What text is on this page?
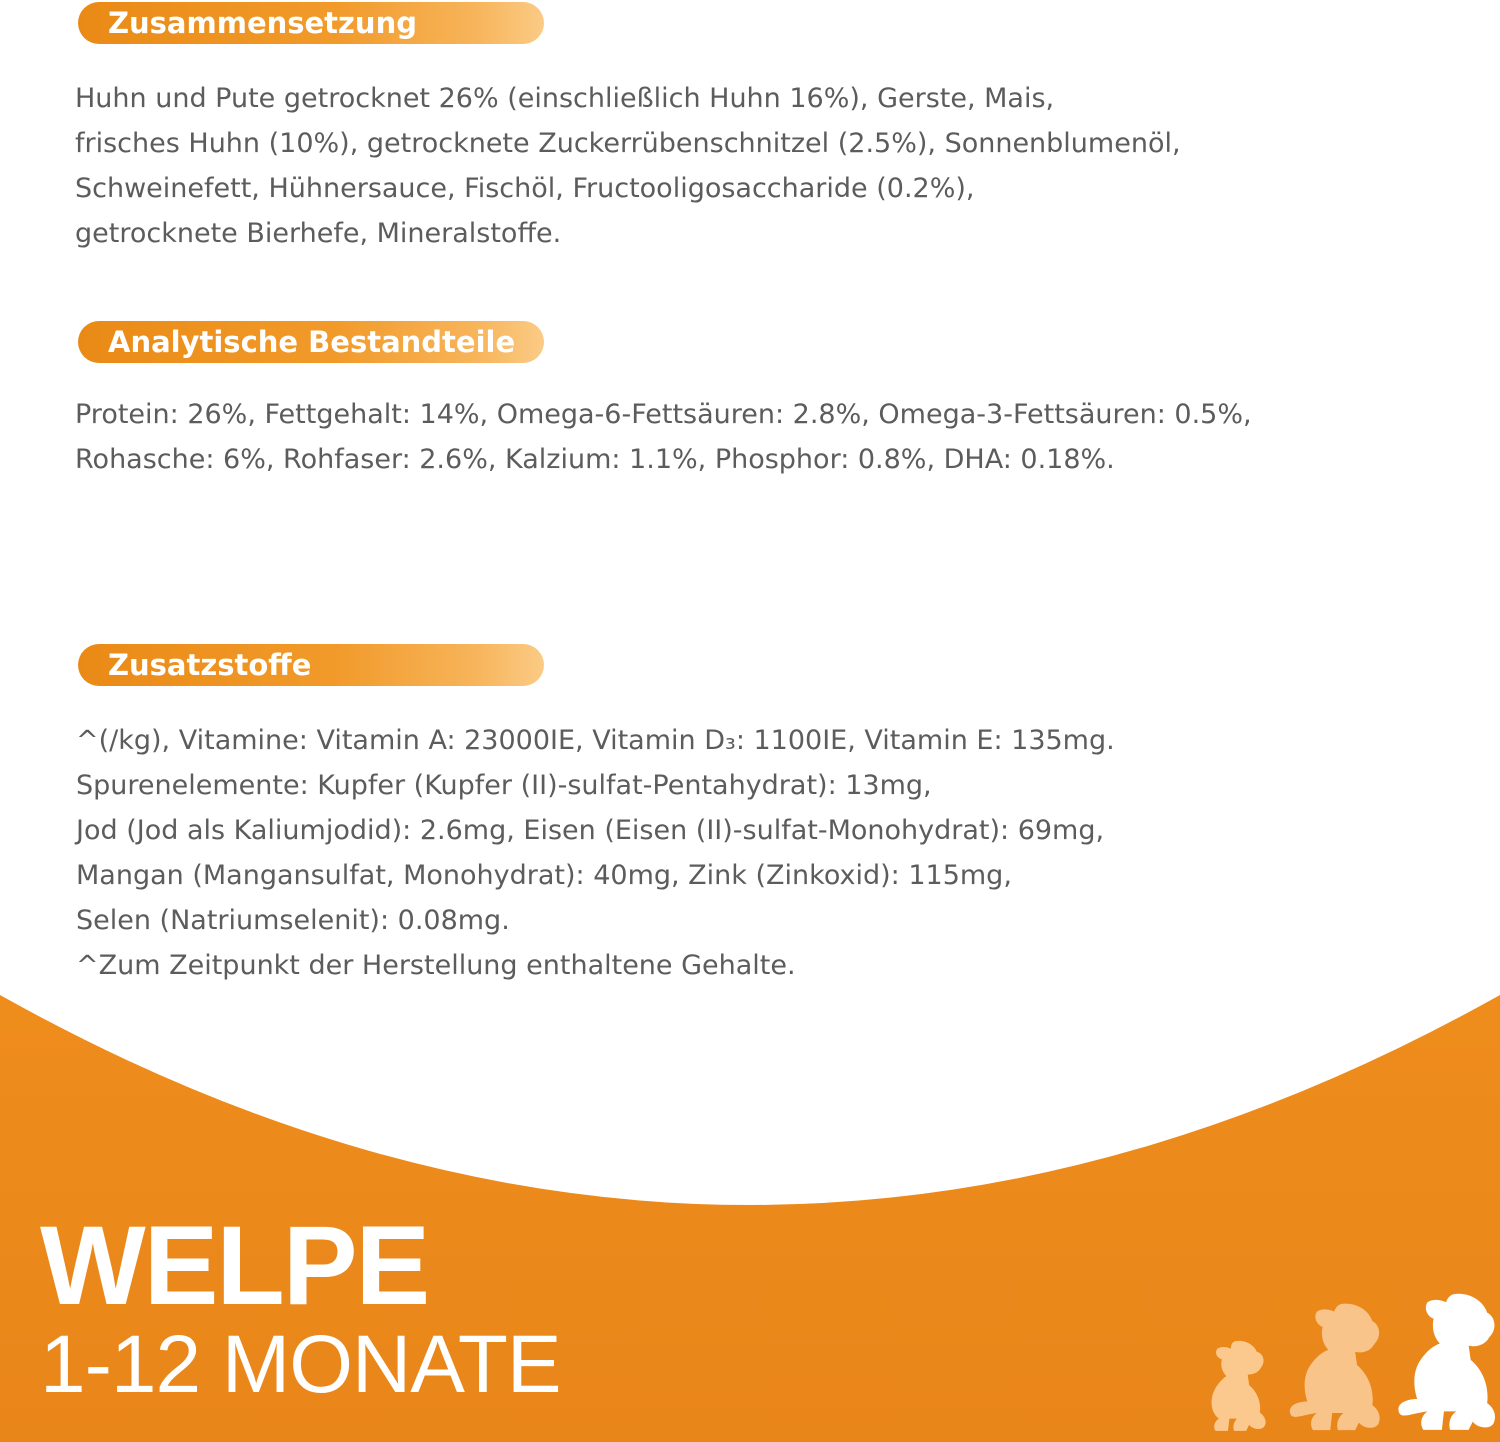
Zusammensetzung

Huhn und Pute getrocknet 26% (einschließlich Huhn 16%), Gerste, Mais,
frisches Huhn (10%), getrocknete Zuckerrübenschnitzel (2.5%), Sonnenblumenöl,
Schweinefett, Hühnersauce, Fischöl, Fructooligosaccharide (0.2%),
getrocknete Bierhefe, Mineralstoffe.

Analytische Bestandteile

Protein: 26%, Fettgehalt: 14%, Omega-6-Fettsäuren: 2.8%, Omega-3-Fettsäuren: 0.5%,
Rohasche: 6%, Rohfaser: 2.6%, Kalzium: 1.1%, Phosphor: 0.8%, DHA: 0.18%.

Zusatzstoffe

^(/kg), Vitamine: Vitamin A: 23000IE, Vitamin D₃: 1100IE, Vitamin E: 135mg.
Spurenelemente: Kupfer (Kupfer (II)-sulfat-Pentahydrat): 13mg,
Jod (Jod als Kaliumjodid): 2.6mg, Eisen (Eisen (II)-sulfat-Monohydrat): 69mg,
Mangan (Mangansulfat, Monohydrat): 40mg, Zink (Zinkoxid): 115mg,
Selen (Natriumselenit): 0.08mg.
^Zum Zeitpunkt der Herstellung enthaltene Gehalte.

WELPE

1-12 MONATE
